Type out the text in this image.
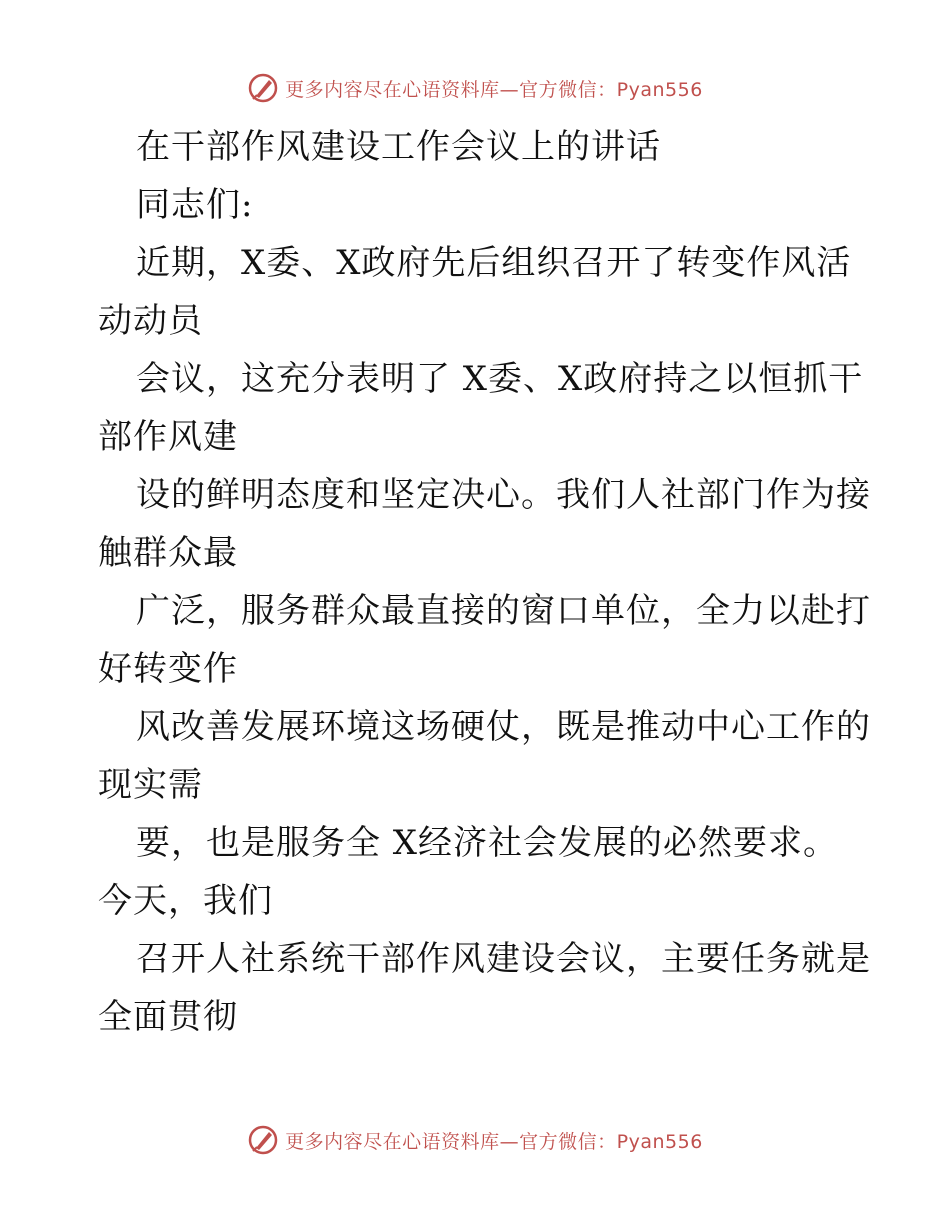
更多内容尽在心语资料库—官方微信：Pyan556
在干部作风建设工作会议上的讲话
同志们:
近期，X委、X政府先后组织召开了转变作风活
动动员
会议，这充分表明了 X委、X政府持之以恒抓干
部作风建
设的鲜明态度和坚定决心。我们人社部门作为接
触群众最
广泛，服务群众最直接的窗口单位，全力以赴打
好转变作
风改善发展环境这场硬仗，既是推动中心工作的
现实需
要，也是服务全 X经济社会发展的必然要求。
今天，我们
召开人社系统干部作风建设会议，主要任务就是
全面贯彻
更多内容尽在心语资料库—官方微信：Pyan556
